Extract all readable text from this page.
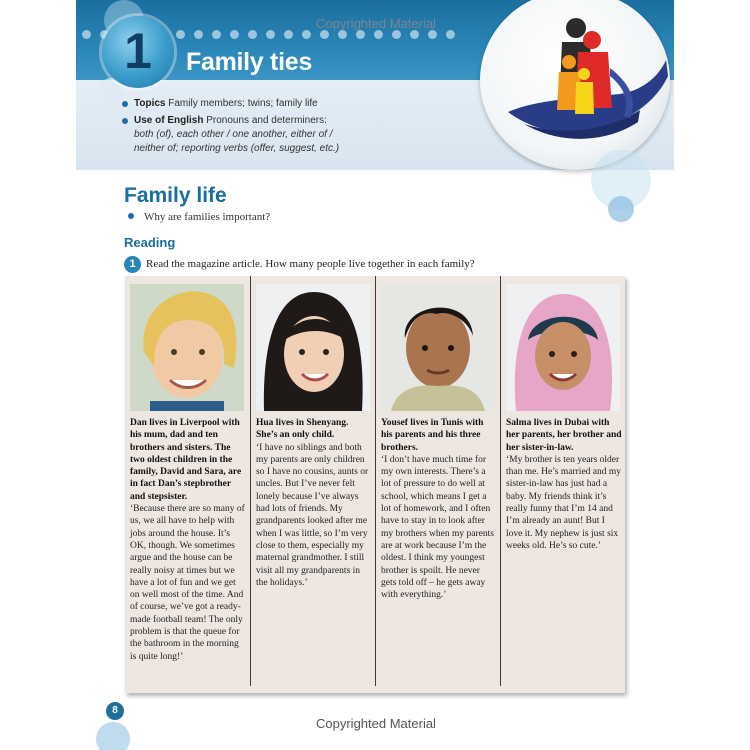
1	Copyrighted Material
Family ties
Topics Family members; twins; family life
Use of English Pronouns and determiners:
both (of), each other / one another, either of /
neither of; reporting verbs (offer, suggest, etc.)
Family life
Why are families important?
Reading
1 Read the magazine article. How many people live together in each family?
Dan lives in Liverpool with his mum, dad and ten brothers and sisters. The two oldest children in the family, David and Sara, are in fact Dan’s stepbrother and stepsister.
‘Because there are so many of us, we all have to help with jobs around the house. It’s OK, though. We sometimes argue and the house can be really noisy at times but we have a lot of fun and we get on well most of the time. And of course, we’ve got a ready-made football team! The only problem is that the queue for the bathroom in the morning is quite long!’
Hua lives in Shenyang. She’s an only child.
‘I have no siblings and both my parents are only children so I have no cousins, aunts or uncles. But I’ve never felt lonely because I’ve always had lots of friends. My grandparents looked after me when I was little, so I’m very close to them, especially my maternal grandmother. I still visit all my grandparents in the holidays.’
Yousef lives in Tunis with his parents and his three brothers.
‘I don’t have much time for my own interests. There’s a lot of pressure to do well at school, which means I get a lot of homework, and I often have to stay in to look after my brothers when my parents are at work because I’m the oldest. I think my youngest brother is spoilt. He never gets told off – he gets away with everything.’
Salma lives in Dubai with her parents, her brother and her sister-in-law.
‘My brother is ten years older than me. He’s married and my sister-in-law has just had a baby. My friends think it’s really funny that I’m 14 and I’m already an aunt! But I love it. My nephew is just six weeks old. He’s so cute.’
8
Copyrighted Material
